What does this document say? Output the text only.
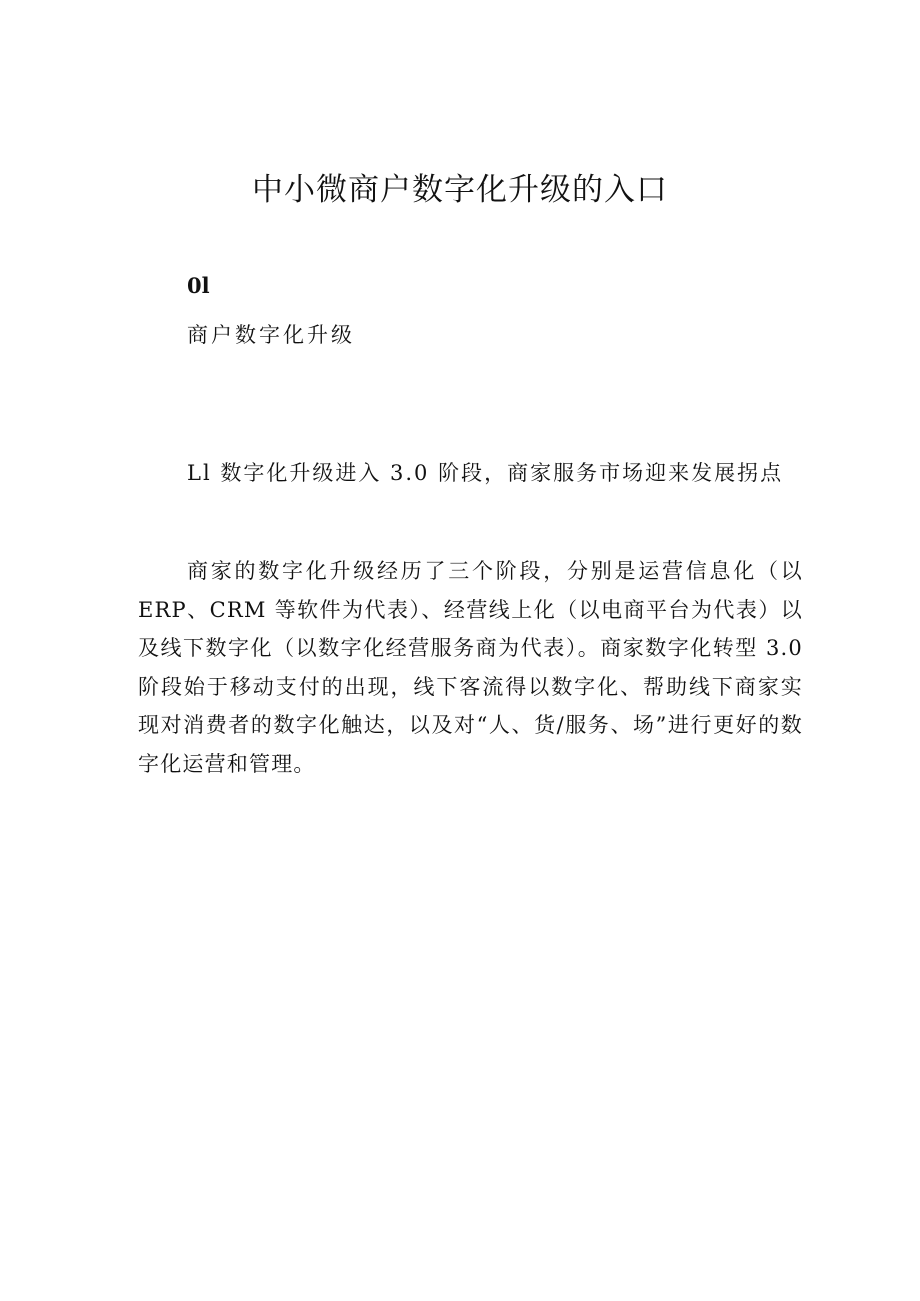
中小微商户数字化升级的入口
0l
商户数字化升级
Ll 数字化升级进入 3.0 阶段，商家服务市场迎来发展拐点

商家的数字化升级经历了三个阶段，分别是运营信息化（以ERP、CRM 等软件为代表）、经营线上化（以电商平台为代表）以及线下数字化（以数字化经营服务商为代表）。商家数字化转型 3.0 阶段始于移动支付的出现，线下客流得以数字化、帮助线下商家实现对消费者的数字化触达，以及对“人、货/服务、场”进行更好的数字化运营和管理。
